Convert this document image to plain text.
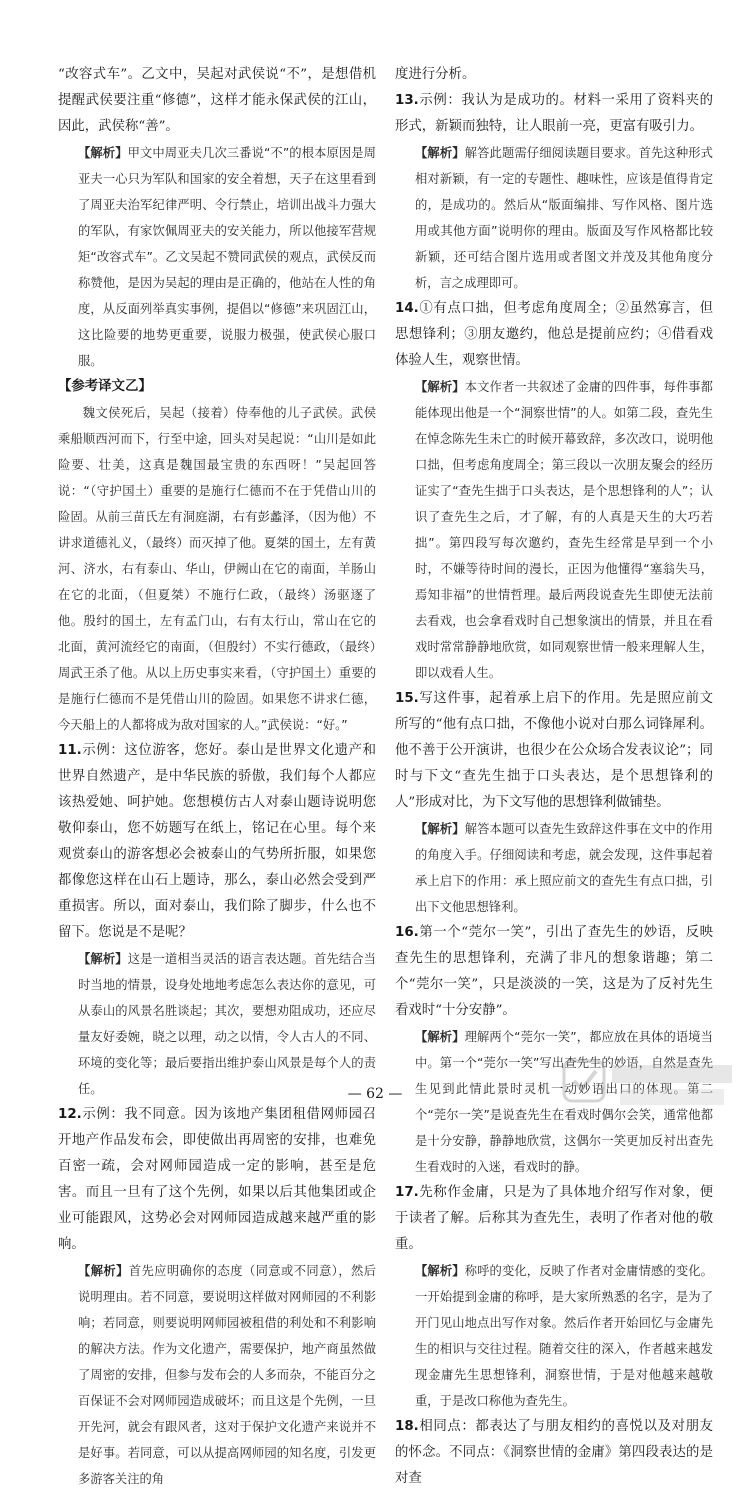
“改容式车”。乙文中，吴起对武侯说“不”，是想借机提醒武侯要注重“修德”，这样才能永保武侯的江山，因此，武侯称“善”。

【解析】甲文中周亚夫几次三番说“不”的根本原因是周亚夫一心只为军队和国家的安全着想，天子在这里看到了周亚夫治军纪律严明、令行禁止，培训出战斗力强大的军队，有家饮佩周亚夫的安关能力，所以他接军营规矩“改容式车”。乙文吴起不赞同武侯的观点，武侯反而称赞他，是因为吴起的理由是正确的，他站在人性的角度，从反面列举真实事例，提倡以“修德”来巩固江山，这比险要的地势更重要，说服力极强，使武侯心服口服。

【参考译文乙】

魏文侯死后，吴起（接着）侍奉他的儿子武侯。武侯乘船顺西河而下，行至中途，回头对吴起说：“山川是如此险要、壮美，这真是魏国最宝贵的东西呀！”吴起回答说：“（守护国土）重要的是施行仁德而不在于凭借山川的险固。从前三苗氏左有洞庭湖，右有彭蠡泽，（因为他）不讲求道德礼义，（最终）而灭掉了他。夏桀的国土，左有黄河、济水，右有泰山、华山，伊阙山在它的南面，羊肠山在它的北面，（但夏桀）不施行仁政，（最终）汤驱逐了他。殷纣的国土，左有孟门山，右有太行山，常山在它的北面，黄河流经它的南面，（但殷纣）不实行德政，（最终）周武王杀了他。从以上历史事实来看，（守护国土）重要的是施行仁德而不是凭借山川的险固。如果您不讲求仁德，今天船上的人都将成为敌对国家的人。”武侯说：“好。”

11.示例：这位游客，您好。泰山是世界文化遗产和世界自然遗产，是中华民族的骄傲，我们每个人都应该热爱她、呵护她。您想模仿古人对泰山题诗说明您敬仰泰山，您不妨题写在纸上，铭记在心里。每个来观赏泰山的游客想必会被泰山的气势所折服，如果您都像您这样在山石上题诗，那么，泰山必然会受到严重损害。所以，面对泰山，我们除了脚步，什么也不留下。您说是不是呢？

【解析】这是一道相当灵活的语言表达题。首先结合当时当地的情景，设身处地地考虑怎么表达你的意见，可从泰山的风景名胜谈起；其次，要想劝阻成功，还应尽量友好委婉，晓之以理，动之以情，令人古人的不同、环境的变化等；最后要指出维护泰山风景是每个人的责任。

12.示例：我不同意。因为该地产集团租借网师园召开地产作品发布会，即使做出再周密的安排，也难免百密一疏，会对网师园造成一定的影响，甚至是危害。而且一旦有了这个先例，如果以后其他集团或企业可能跟风，这势必会对网师园造成越来越严重的影响。

【解析】首先应明确你的态度（同意或不同意），然后说明理由。若不同意，要说明这样做对网师园的不利影响；若同意，则要说明网师园被租借的利处和不利影响的解决方法。作为文化遗产，需要保护，地产商虽然做了周密的安排，但参与发布会的人多而杂，不能百分之百保证不会对网师园造成破坏；而且这是个先例，一旦开先河，就会有跟风者，这对于保护文化遗产来说并不是好事。若同意，可以从提高网师园的知名度，引发更多游客关注的角

度进行分析。

13.示例：我认为是成功的。材料一采用了资料夹的形式，新颖而独特，让人眼前一亮，更富有吸引力。

【解析】解答此题需仔细阅读题目要求。首先这种形式相对新颖，有一定的专题性、趣味性，应该是值得肯定的，是成功的。然后从“版面编排、写作风格、图片选用或其他方面”说明你的理由。版面及写作风格都比较新颖，还可结合图片选用或者图文并茂及其他角度分析，言之成理即可。

14.①有点口拙，但考虑角度周全；②虽然寡言，但思想锋利；③朋友邀约，他总是提前应约；④借看戏体验人生，观察世情。

【解析】本文作者一共叙述了金庸的四件事，每件事都能体现出他是一个“洞察世情”的人。如第二段，查先生在悼念陈先生未亡的时候开幕致辞，多次改口，说明他口拙，但考虑角度周全；第三段以一次朋友聚会的经历证实了“查先生拙于口头表达，是个思想锋利的人”；认识了查先生之后，才了解，有的人真是天生的大巧若拙”。第四段写每次邀约，查先生经常是早到一个小时，不嫌等待时间的漫长，正因为他懂得“塞翁失马，焉知非福”的世情哲理。最后两段说查先生即使无法前去看戏，也会拿看戏时自己想象演出的情景，并且在看戏时常常静静地欣赏，如同观察世情一般来理解人生，即以戏看人生。

15.写这件事，起着承上启下的作用。先是照应前文所写的“他有点口拙，不像他小说对白那么词锋犀利。他不善于公开演讲，也很少在公众场合发表议论”；同时与下文“查先生拙于口头表达，是个思想锋利的人”形成对比，为下文写他的思想锋利做铺垫。

【解析】解答本题可以查先生致辞这件事在文中的作用的角度入手。仔细阅读和考虑，就会发现，这件事起着承上启下的作用：承上照应前文的查先生有点口拙，引出下文他思想锋利。

16.第一个“莞尔一笑”，引出了查先生的妙语，反映查先生的思想锋利，充满了非凡的想象谐趣；第二个“莞尔一笑”，只是淡淡的一笑，这是为了反衬先生看戏时“十分安静”。

【解析】理解两个“莞尔一笑”，都应放在具体的语境当中。第一个“莞尔一笑”写出查先生的妙语，自然是查先生见到此情此景时灵机一动妙语出口的体现。第二个“莞尔一笑”是说查先生在看戏时偶尔会笑，通常他都是十分安静，静静地欣赏，这偶尔一笑更加反衬出查先生看戏时的入迷，看戏时的静。

17.先称作金庸，只是为了具体地介绍写作对象，便于读者了解。后称其为查先生，表明了作者对他的敬重。

【解析】称呼的变化，反映了作者对金庸情感的变化。一开始提到金庸的称呼，是大家所熟悉的名字，是为了开门见山地点出写作对象。然后作者开始回忆与金庸先生的相识与交往过程。随着交往的深入，作者越来越发现金庸先生思想锋利，洞察世情，于是对他越来越敬重，于是改口称他为查先生。

18.相同点：都表达了与朋友相约的喜悦以及对朋友的怀念。不同点：《洞察世情的金庸》第四段表达的是对查

— 62 —
